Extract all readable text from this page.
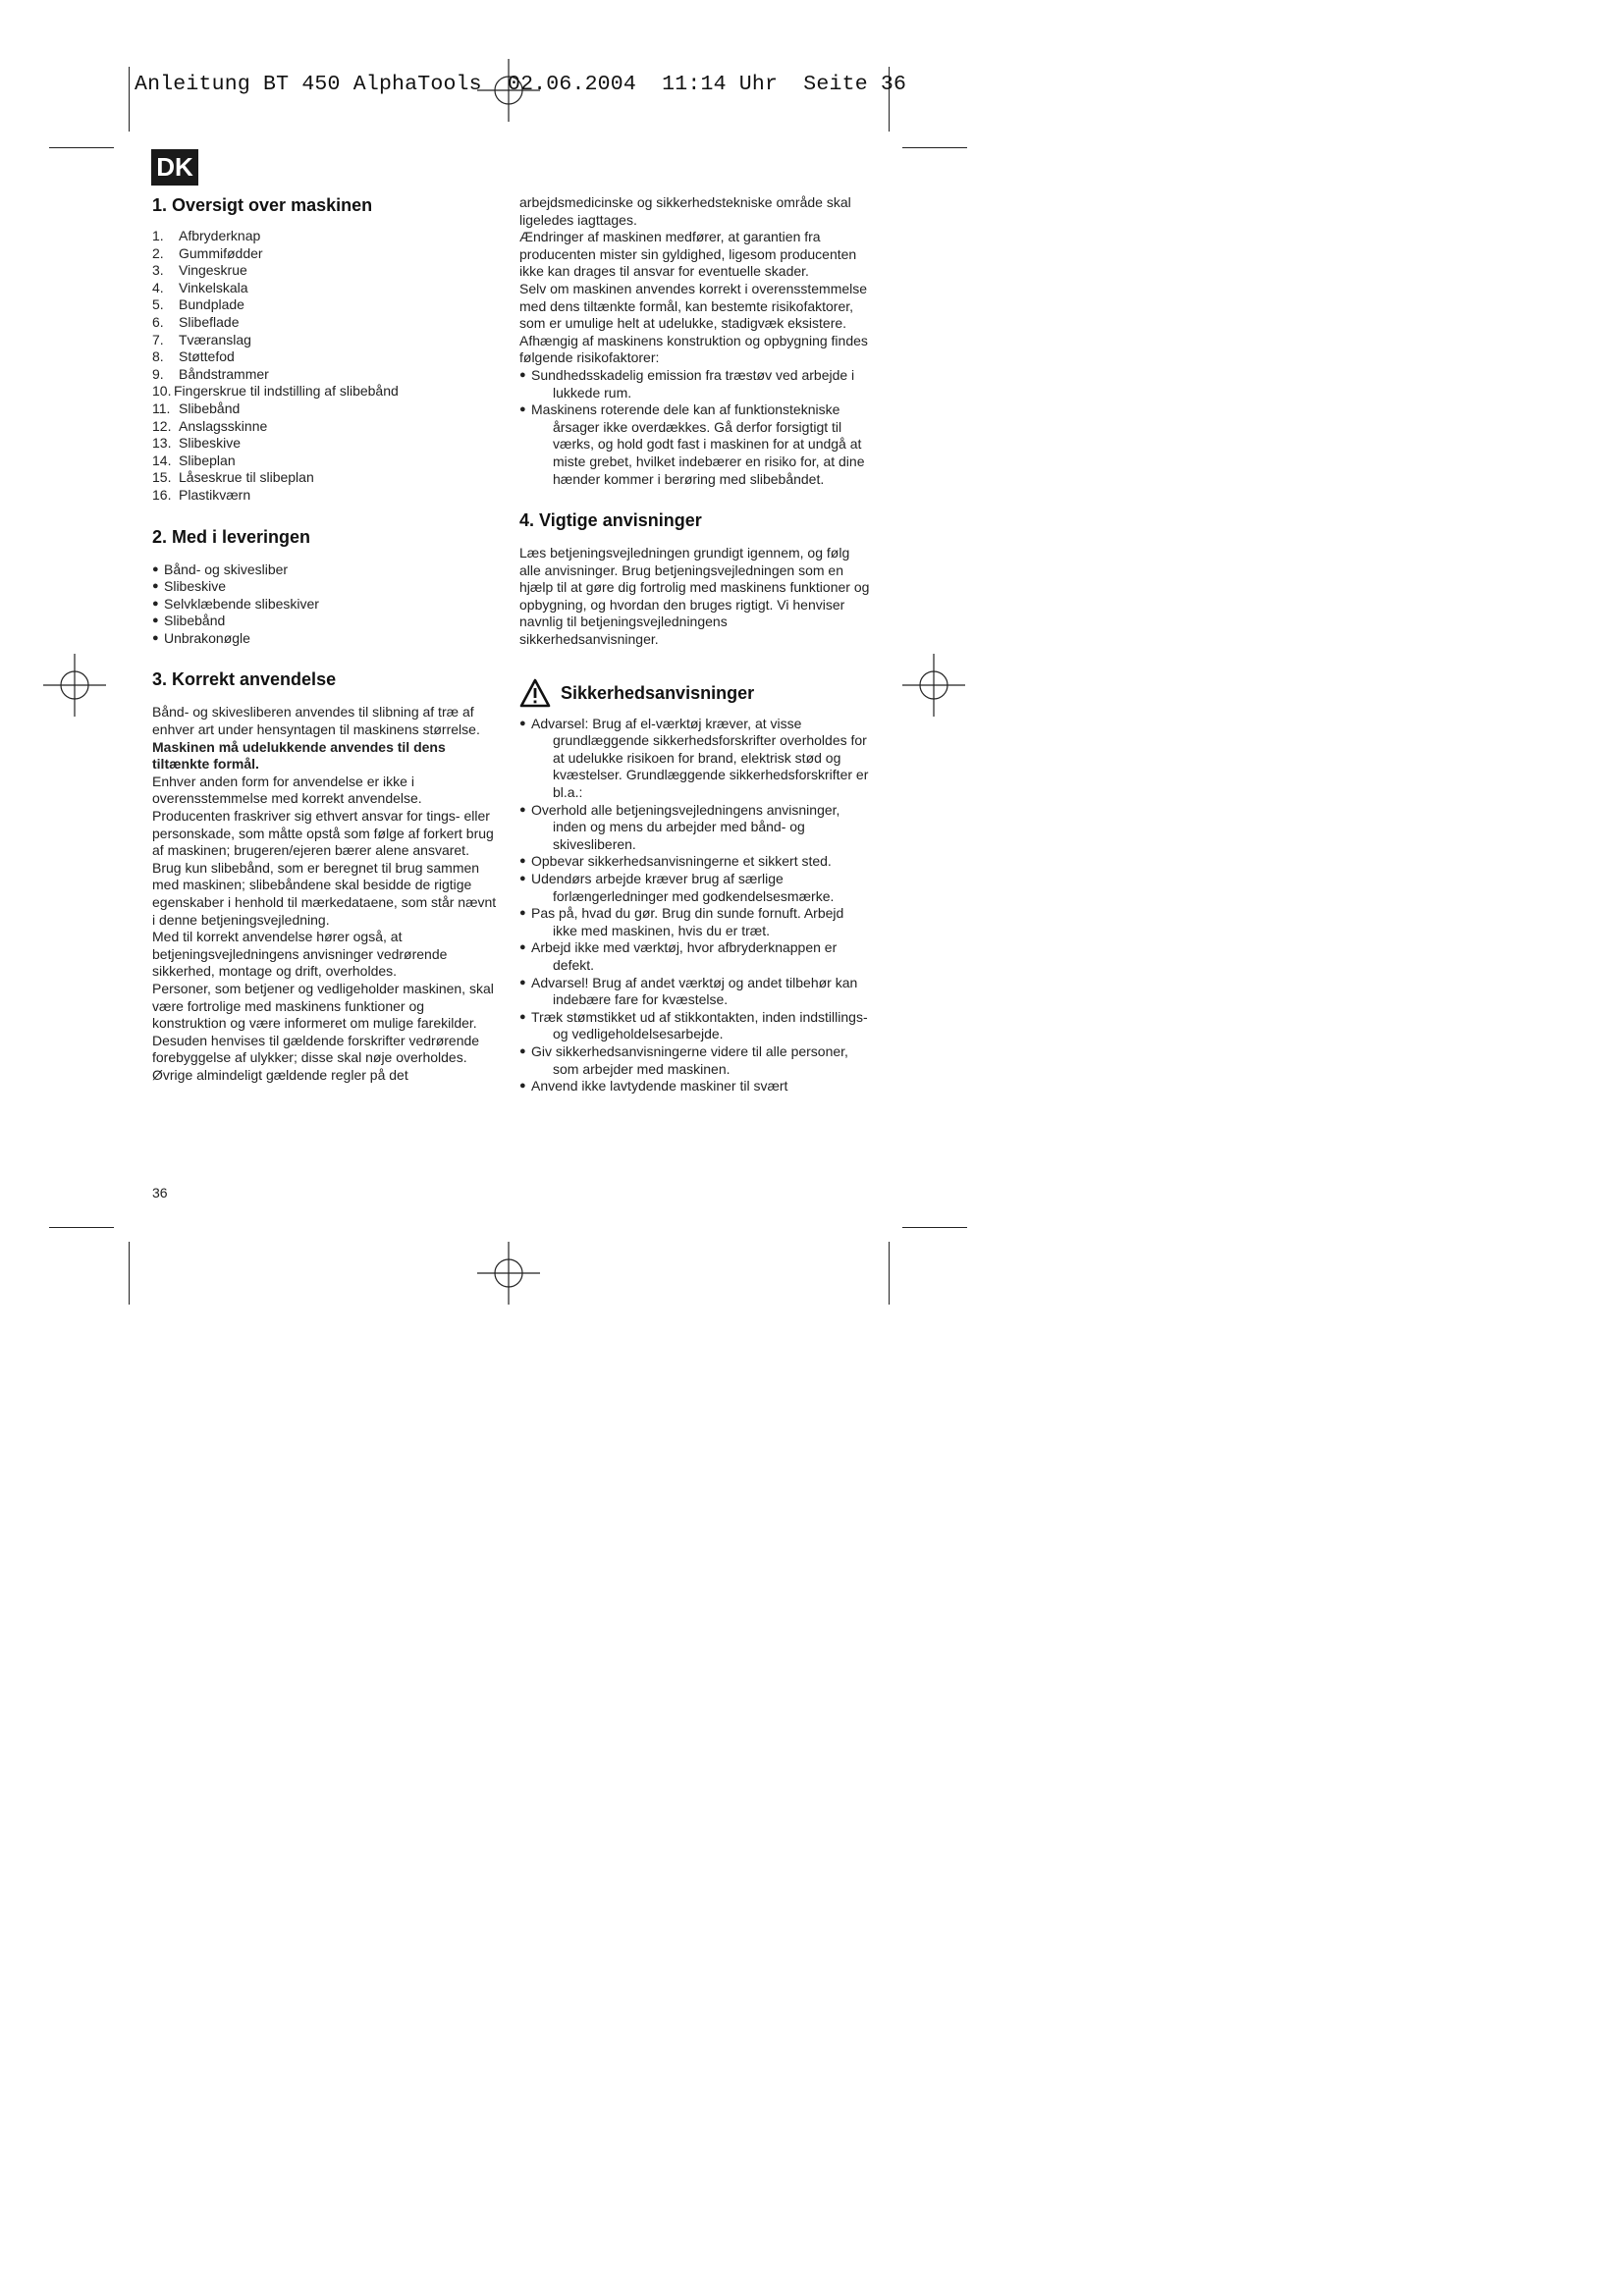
Anleitung BT 450 AlphaTools  02.06.2004  11:14 Uhr  Seite 36
DK
1. Oversigt over maskinen
1.	Afbryderknap
2.	Gummifødder
3.	Vingeskrue
4.	Vinkelskala
5.	Bundplade
6.	Slibeflade
7.	Tværanslag
8.	Støttefod
9.	Båndstrammer
10. Fingerskrue til indstilling af slibebånd
11. Slibebånd
12. Anslagsskinne
13. Slibeskive
14. Slibeplan
15. Låseskrue til slibeplan
16. Plastikværn
2. Med i leveringen
● Bånd- og skivesliber
● Slibeskive
● Selvklæbende slibeskiver
● Slibebånd
● Unbrakonøgle
3. Korrekt anvendelse

Bånd- og skivesliberen anvendes til slibning af træ af enhver art under hensyntagen til maskinens størrelse.

Maskinen må udelukkende anvendes til dens tiltænkte formål.

Enhver anden form for anvendelse er ikke i overensstemmelse med korrekt anvendelse. Producenten fraskriver sig ethvert ansvar for tings- eller personskade, som måtte opstå som følge af forkert brug af maskinen; brugeren/ejeren bærer alene ansvaret.

Brug kun slibebånd, som er beregnet til brug sammen med maskinen; slibebåndene skal besidde de rigtige egenskaber i henhold til mærkedataene, som står nævnt i denne betjeningsvejledning.

Med til korrekt anvendelse hører også, at betjeningsvejledningens anvisninger vedrørende sikkerhed, montage og drift, overholdes.

Personer, som betjener og vedligeholder maskinen, skal være fortrolige med maskinens funktioner og konstruktion og være informeret om mulige farekilder.

Desuden henvises til gældende forskrifter vedrørende forebyggelse af ulykker; disse skal nøje overholdes.

Øvrige almindeligt gældende regler på det

arbejdsmedicinske og sikkerhedstekniske område skal ligeledes iagttages.

Ændringer af maskinen medfører, at garantien fra producenten mister sin gyldighed, ligesom producenten ikke kan drages til ansvar for eventuelle skader.

Selv om maskinen anvendes korrekt i overensstemmelse med dens tiltænkte formål, kan bestemte risikofaktorer, som er umulige helt at udelukke, stadigvæk eksistere. Afhængig af maskinens konstruktion og opbygning findes følgende risikofaktorer:

● Sundhedsskadelig emission fra træstøv ved arbejde i lukkede rum.
● Maskinens roterende dele kan af funktionstekniske årsager ikke overdækkes. Gå derfor forsigtigt til værks, og hold godt fast i maskinen for at undgå at miste grebet, hvilket indebærer en risiko for, at dine hænder kommer i berøring med slibebåndet.
4. Vigtige anvisninger

Læs betjeningsvejledningen grundigt igennem, og følg alle anvisninger. Brug betjeningsvejledningen som en hjælp til at gøre dig fortrolig med maskinens funktioner og opbygning, og hvordan den bruges rigtigt. Vi henviser navnlig til betjeningsvejledningens sikkerhedsanvisninger.

Sikkerhedsanvisninger
● Advarsel: Brug af el-værktøj kræver, at visse grundlæggende sikkerhedsforskrifter overholdes for at udelukke risikoen for brand, elektrisk stød og kvæstelser. Grundlæggende sikkerhedsforskrifter er bl.a.:
● Overhold alle betjeningsvejledningens anvisninger, inden og mens du arbejder med bånd- og skivesliberen.
● Opbevar sikkerhedsanvisningerne et sikkert sted.
● Udendørs arbejde kræver brug af særlige forlængerledninger med godkendelsesmærke.
● Pas på, hvad du gør. Brug din sunde fornuft. Arbejd ikke med maskinen, hvis du er træt.
● Arbejd ikke med værktøj, hvor afbryderknappen er defekt.
● Advarsel! Brug af andet værktøj og andet tilbehør kan indebære fare for kvæstelse.
● Træk stømstikket ud af stikkontakten, inden indstillings- og vedligeholdelsesarbejde.
● Giv sikkerhedsanvisningerne videre til alle personer, som arbejder med maskinen.
● Anvend ikke lavtydende maskiner til svært
36
